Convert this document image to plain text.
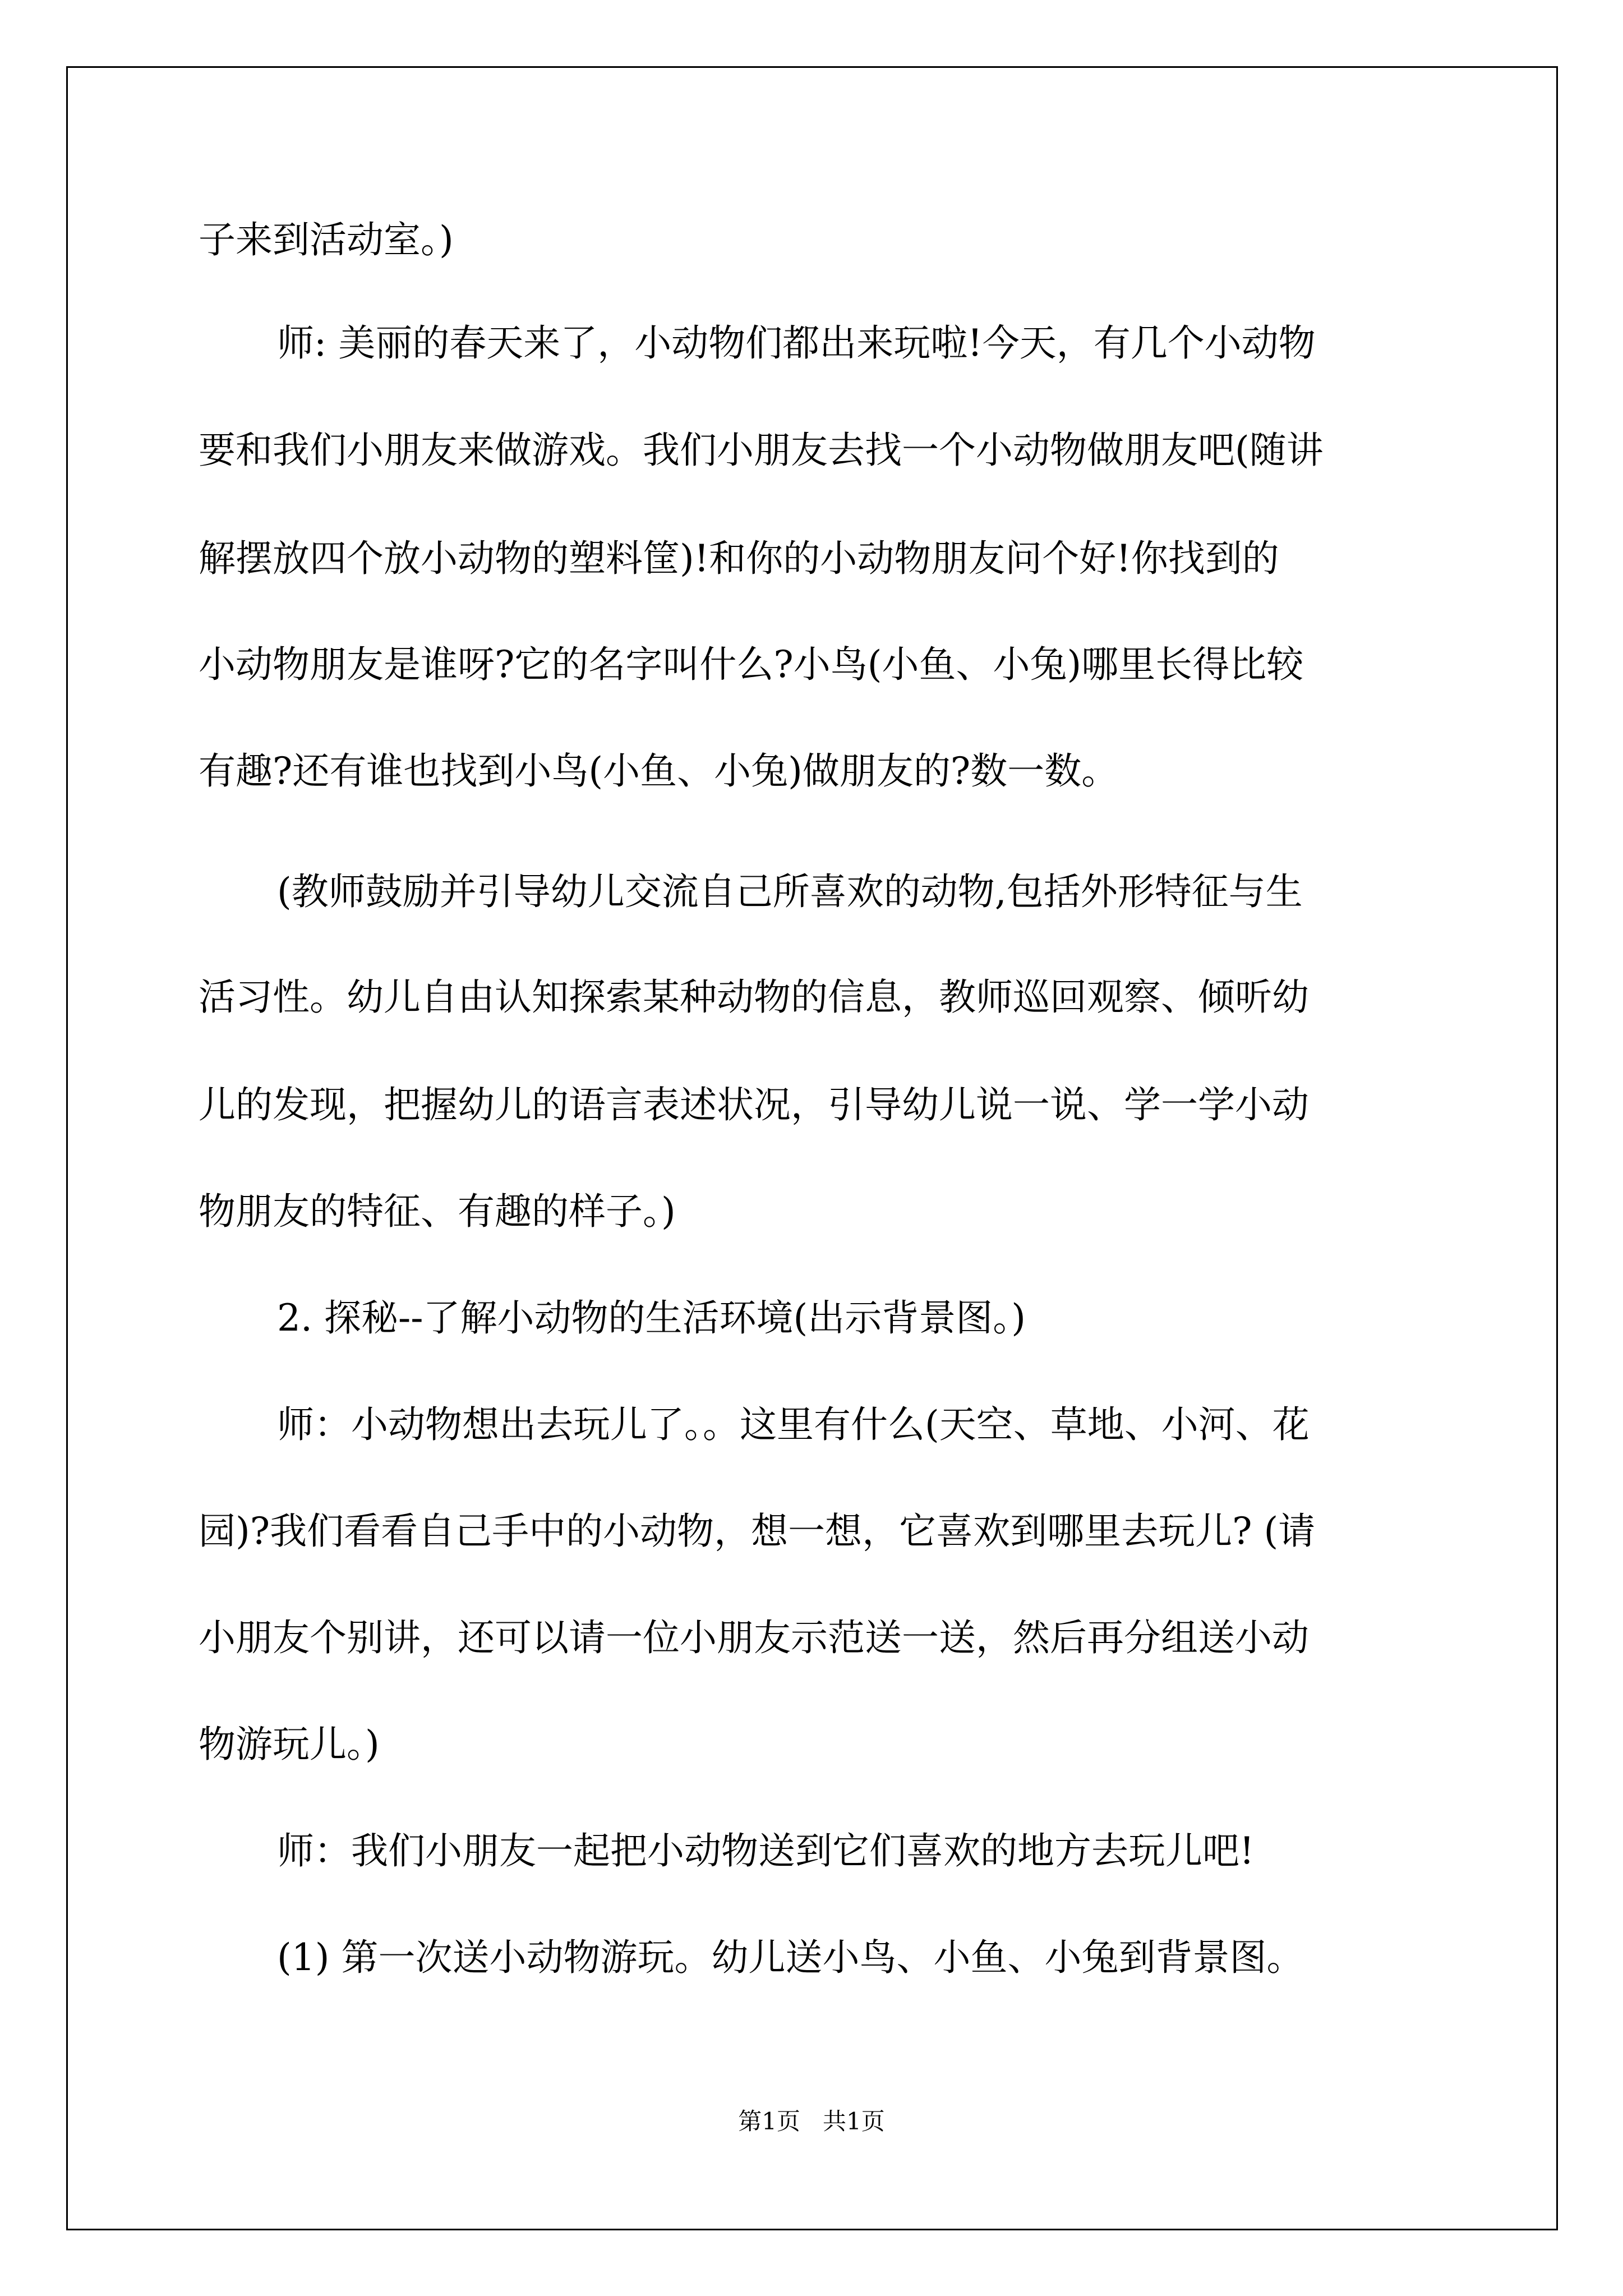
子来到活动室。)
师: 美丽的春天来了，小动物们都出来玩啦!今天，有几个小动物
要和我们小朋友来做游戏。我们小朋友去找一个小动物做朋友吧(随讲
解摆放四个放小动物的塑料筐)!和你的小动物朋友问个好!你找到的
小动物朋友是谁呀?它的名字叫什么?小鸟(小鱼、小兔)哪里长得比较
有趣?还有谁也找到小鸟(小鱼、小兔)做朋友的?数一数。
(教师鼓励并引导幼儿交流自己所喜欢的动物,包括外形特征与生
活习性。幼儿自由认知探索某种动物的信息，教师巡回观察、倾听幼
儿的发现，把握幼儿的语言表述状况，引导幼儿说一说、学一学小动
物朋友的特征、有趣的样子。)
2. 探秘--了解小动物的生活环境(出示背景图。)
师：小动物想出去玩儿了。。这里有什么(天空、草地、小河、花
园)?我们看看自己手中的小动物，想一想，它喜欢到哪里去玩儿? (请
小朋友个别讲，还可以请一位小朋友示范送一送，然后再分组送小动
物游玩儿。)
师：我们小朋友一起把小动物送到它们喜欢的地方去玩儿吧!
(1) 第一次送小动物游玩。幼儿送小鸟、小鱼、小兔到背景图。
第1页   共1页
